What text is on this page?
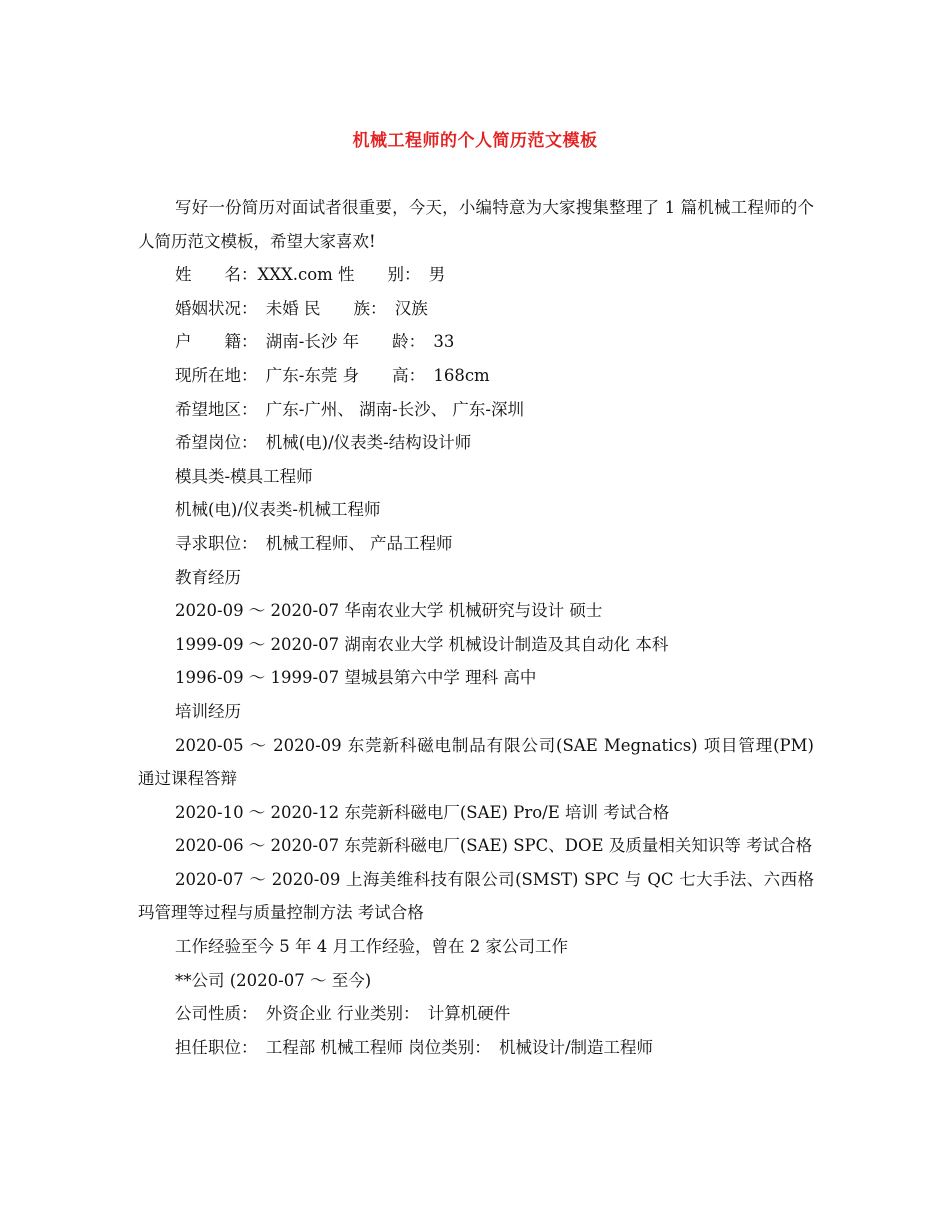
机械工程师的个人简历范文模板

写好一份简历对面试者很重要，今天，小编特意为大家搜集整理了 1 篇机械工程师的个人简历范文模板，希望大家喜欢!

姓　　名：XXX.com 性　　别：　男

婚姻状况：　未婚 民　　族：　汉族

户　　籍：　湖南-长沙 年　　龄：　33

现所在地：　广东-东莞 身　　高：　168cm

希望地区：　广东-广州、 湖南-长沙、 广东-深圳

希望岗位：　机械(电)/仪表类-结构设计师

模具类-模具工程师

机械(电)/仪表类-机械工程师

寻求职位：　机械工程师、 产品工程师

教育经历

2020-09 ～ 2020-07 华南农业大学 机械研究与设计 硕士

1999-09 ～ 2020-07 湖南农业大学 机械设计制造及其自动化 本科

1996-09 ～ 1999-07 望城县第六中学 理科 高中

培训经历

2020-05 ～ 2020-09 东莞新科磁电制品有限公司(SAE Megnatics) 项目管理(PM) 通过课程答辩

2020-10 ～ 2020-12 东莞新科磁电厂(SAE) Pro/E 培训 考试合格

2020-06 ～ 2020-07 东莞新科磁电厂(SAE) SPC、DOE 及质量相关知识等 考试合格

2020-07 ～ 2020-09 上海美维科技有限公司(SMST) SPC 与 QC 七大手法、六西格玛管理等过程与质量控制方法 考试合格

工作经验至今 5 年 4 月工作经验，曾在 2 家公司工作

**公司 (2020-07 ～ 至今)

公司性质：　外资企业 行业类别：　计算机硬件

担任职位：　工程部 机械工程师 岗位类别：　机械设计/制造工程师
